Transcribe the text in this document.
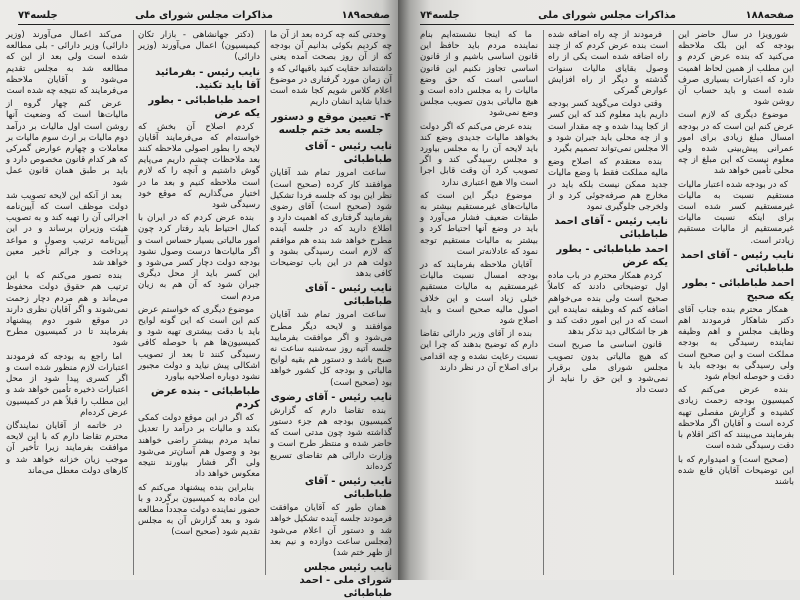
صفحه۱۸۹
مذاکرات مجلس شورای ملی
جلسه۷۴

وحدتی کنه چه کرده بعد از آن ما چه کردیم بکوئی بدانیم آن بودجه که از آن روز بصحت آمده یعنی داشته‌اند حقایت کنید باقیهائی که و آن زمان مورد گرفتاری در موضوع اعلام کلاس شویم کجا شده است خدایا شاید انشان داریم

۴- تعیین موقع و دستور جلسه بعد ختم جلسه
نایب رئیس - آقای طباطبائی

ساعت امروز تمام شد آقایان موافقند کار کرده (صحیح است) نظر این بود که جلسه فردا تشکیل شود (صحیح است) آقای رضوی بفرمایید گرفتاری که اهمیت دارد و اطلاع دارید که در جلسه آینده مطرح خواهد شد بنده هم موافقم که لازم است رسیدگی بشود و دولت هم در این باب توضیحات کافی بدهد

نایب رئیس - آقای طباطبائی

ساعت امروز تمام شد آقایان موافقند و لایحه دیگر مطرح می‌شود و اگر موافقت بفرمایید جلسه آتیه روز سه‌شنبه ساعت نه صبح باشد و دستور هم بقیه لوایح مالیاتی و بودجه کل کشور خواهد بود (صحیح است)

نایب رئیس - آقای رضوی

بنده تقاضا دارم که گزارش کمیسیون بودجه هم جزء دستور گذاشته شود چون مدتی است که حاضر شده و منتظر طرح است و وزارت دارائی هم تقاضای تسریع کرده‌اند

نایب رئیس - آقای طباطبائی

همان طور که آقایان موافقت فرمودند جلسه آینده تشکیل خواهد شد و دستور آن اعلام می‌شود (مجلس ساعت دوازده و نیم بعد از ظهر ختم شد)

نایب رئیس مجلس شورای ملی - احمد طباطبائی

(دکتر جهانشاهی - بازار تکان کیمیسیون) اعمال می‌آورند (وزیر دارائی)

نایب رئیس - بفرمائید آقا باید تکنید.
احمد طباطبائی - بطور یکه عرض

کردم اصلاح آن بخش که خواسته‌ام که می‌فرمایند آقایان لایحه را بطور اصولی ملاحظه کنند بعد ملاحظات چشم داریم می‌پایم گوش داشتیم و آنچه را که لازم است ملاحظه کنیم و بعد ما در اختیار می‌گذاریم که موقع خود رسیدگی شود

بنده عرض کردم که در ایران با کمال احتیاط باید رفتار کرد چون امور مالیاتی بسیار حساس است و اگر مالیات‌ها درست وصول نشود بودجه دولت دچار کسر می‌شود و این کسر باید از محل دیگری جبران شود که آن هم به زیان مردم است

موضوع دیگری که خواستم عرض کنم این است که این گونه لوایح باید با دقت بیشتری تهیه شود و کمیسیون‌ها هم با حوصله کافی رسیدگی کنند تا بعد از تصویب اشکالی پیش نیاید و دولت مجبور نشود دوباره اصلاحیه بیاورد

طباطبائی - بنده عرض کردم

که اگر در این موقع دولت کمکی بکند و مالیات بر درآمد را تعدیل نماید مردم بیشتر راضی خواهند بود و وصول هم آسان‌تر می‌شود ولی اگر فشار بیاورند نتیجه معکوس خواهد داد

بنابراین بنده پیشنهاد می‌کنم که این ماده به کمیسیون برگردد و با حضور نماینده دولت مجدداً مطالعه شود و بعد گزارش آن به مجلس تقدیم شود (صحیح است)

می‌کند اعمال می‌آورند (وزیر دارائی) وزیر دارائی - بلی مطالعه شده است ولی بعد از این که مطالعه شد به مجلس تقدیم می‌شود و آقایان ملاحظه می‌فرمایند که نتیجه چه شده است

عرض کنم چهار گروه از مالیات‌ها است که وضعیت آنها روشن است اول مالیات بر درآمد دوم مالیات بر ارث سوم مالیات بر معاملات و چهارم عوارض گمرکی که هر کدام قانون مخصوص دارد و باید بر طبق همان قانون عمل شود

بعد از آنکه این لایحه تصویب شد دولت موظف است که آیین‌نامه اجرائی آن را تهیه کند و به تصویب هیئت وزیران برساند و در این آیین‌نامه ترتیب وصول و مواعد پرداخت و جرائم تأخیر معین خواهد شد

بنده تصور می‌کنم که با این ترتیب هم حقوق دولت محفوظ می‌ماند و هم مردم دچار زحمت نمی‌شوند و اگر آقایان نظری دارند در موقع شور دوم پیشنهاد بفرمایند تا در کمیسیون مطرح شود

اما راجع به بودجه که فرمودند اعتبارات لازم منظور شده است و اگر کسری پیدا شود از محل اعتبارات ذخیره تأمین خواهد شد و این مطلب را قبلاً هم در کمیسیون عرض کرده‌ام

در خاتمه از آقایان نمایندگان محترم تقاضا دارم که با این لایحه موافقت بفرمایند زیرا تأخیر آن موجب زیان خزانه خواهد شد و کارهای دولت معطل می‌ماند

صفحه۱۸۸
مذاکرات مجلس شورای ملی
جلسه۷۴

ما که اینجا نشسته‌ایم بنام نماینده مردم باید حافظ این قانون اساسی باشیم و از قانون اساسی تجاوز نکنیم این قانون اساسی است که حق وضع مالیات را به مجلس داده است و هیچ مالیاتی بدون تصویب مجلس وضع نمی‌شود

بنده عرض می‌کنم که اگر دولت بخواهد مالیات جدیدی وضع کند باید لایحه آن را به مجلس بیاورد و مجلس رسیدگی کند و اگر تصویب کرد آن وقت قابل اجرا است والا هیچ اعتباری ندارد

موضوع دیگر این است که مالیات‌های غیرمستقیم بیشتر به طبقات ضعیف فشار می‌آورد و باید در وضع آنها احتیاط کرد و بیشتر به مالیات مستقیم توجه نمود که عادلانه‌تر است

آقایان ملاحظه بفرمایند که در بودجه امسال نسبت مالیات غیرمستقیم به مالیات مستقیم خیلی زیاد است و این خلاف اصول مالیه صحیح است و باید اصلاح شود

بنده از آقای وزیر دارائی تقاضا دارم که توضیح بدهند که چرا این نسبت رعایت نشده و چه اقدامی برای اصلاح آن در نظر دارند

فرمودند از چه راه اضافه شده است بنده عرض کردم که از چند راه اضافه شده است یکی از راه وصول بقایای مالیات سنوات گذشته و دیگر از راه افزایش عوارض گمرکی

وقتی دولت می‌گوید کسر بودجه داریم باید معلوم کند که این کسر از کجا پیدا شده و چه مقدار است و از چه محلی باید جبران شود و الا مجلس نمی‌تواند تصمیم بگیرد

بنده معتقدم که اصلاح وضع مالیه مملکت فقط با وضع مالیات جدید ممکن نیست بلکه باید در مخارج هم صرفه‌جوئی کرد و از ولخرجی جلوگیری نمود

نایب رئیس - آقای احمد طباطبائی
احمد طباطبائی - بطور یکه عرض

کردم همکار محترم در باب ماده اول توضیحاتی دادند که کاملاً صحیح است ولی بنده می‌خواهم اضافه کنم که وظیفه نماینده این است که در این امور دقت کند و هر جا اشکالی دید تذکر بدهد

قانون اساسی ما صریح است که هیچ مالیاتی بدون تصویب مجلس شورای ملی برقرار نمی‌شود و این حق را نباید از دست داد

شورویزا در سال حاضر این بودجه که این بلک ملاحظه می‌کنید که بنده عرض کردم و این مطلب از همین لحاظ اهمیت دارد که اعتبارات بسیاری صرف شده است و باید حساب آن روشن شود

موضوع دیگری که لازم است عرض کنم این است که در بودجه امسال مبلغ زیادی برای امور عمرانی پیش‌بینی شده ولی معلوم نیست که این مبلغ از چه محلی تأمین خواهد شد

که در بودجه شده اعتبار مالیات مستقیم نسبت به مالیات غیرمستقیم کسر شده است برای اینکه نسبت مالیات غیرمستقیم از مالیات مستقیم زیادتر است.

نایب رئیس - آقای احمد طباطبائی
احمد طباطبائی - بطور یکه صحیح

همکار محترم بنده جناب آقای دکتر شاهکار فرمودند اهم وظایف مجلس و اهم وظیفه نماینده رسیدگی به بودجه مملکت است و این صحیح است ولی رسیدگی به بودجه باید با دقت و حوصله انجام شود

بنده عرض می‌کنم که کمیسیون بودجه زحمت زیادی کشیده و گزارش مفصلی تهیه کرده است و آقایان اگر ملاحظه بفرمایند می‌بینند که اکثر اقلام با دقت رسیدگی شده است

(صحیح است) و امیدوارم که با این توضیحات آقایان قانع شده باشند
